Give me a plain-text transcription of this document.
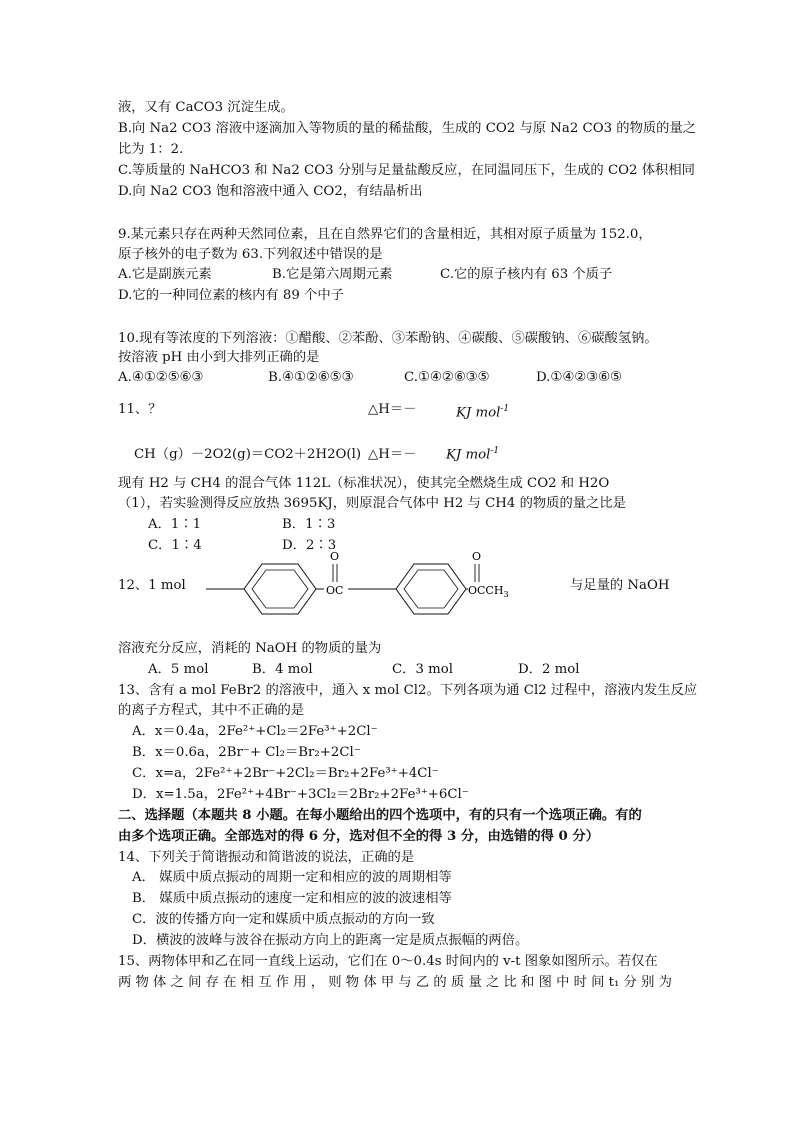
液，又有 CaCO3 沉淀生成。
B.向 Na2 CO3 溶液中逐滴加入等物质的量的稀盐酸，生成的 CO2 与原 Na2 CO3 的物质的量之
比为 1：2.
C.等质量的 NaHCO3 和 Na2 CO3 分别与足量盐酸反应，在同温同压下，生成的 CO2 体积相同
D.向 Na2 CO3 饱和溶液中通入 CO2，有结晶析出
9.某元素只存在两种天然同位素，且在自然界它们的含量相近，其相对原子质量为 152.0，
原子核外的电子数为 63.下列叙述中错误的是
A.它是副族元素	B.它是第六周期元素	C.它的原子核内有 63 个质子
D.它的一种同位素的核内有 89 个中子
10.现有等浓度的下列溶液：①醋酸、②苯酚、③苯酚钠、④碳酸、⑤碳酸钠、⑥碳酸氢钠。
按溶液 pH 由小到大排列正确的是
A.④①②⑤⑥③	B.④①②⑥⑤③	C.①④②⑥③⑤	D.①④②③⑥⑤
11、？	△H＝－	KJ mol$^{-1}$
CH（g）－2O2(g)＝CO2＋2H2O(l) △H＝－ KJ mol$^{-1}$
现有 H2 与 CH4 的混合气体 112L（标准状况），使其完全燃烧生成 CO2 和 H2O
（1），若实验测得反应放热 3695KJ，则原混合气体中 H2 与 CH4 的物质的量之比是
A．1∶1	B．1∶3
C．1∶4	D．2∶3
12、1 mol	OC
O
$OCCH_3$
O
与足量的 NaOH
溶液充分反应，消耗的 NaOH 的物质的量为
A．5 mol	B．4 mol	C．3 mol	D．2 mol
13、含有 a mol FeBr2 的溶液中，通入 x mol Cl2。下列各项为通 Cl2 过程中，溶液内发生反应
的离子方程式，其中不正确的是
A．x＝0.4a，2Fe²⁺+Cl₂＝2Fe³⁺+2Cl⁻
B．x＝0.6a，2Br⁻+ Cl₂＝Br₂+2Cl⁻
C．x=a，2Fe²⁺+2Br⁻+2Cl₂＝Br₂+2Fe³⁺+4Cl⁻
D．x=1.5a，2Fe²⁺+4Br⁻+3Cl₂＝2Br₂+2Fe³⁺+6Cl⁻
二、选择题（本题共 8 小题。在每小题给出的四个选项中，有的只有一个选项正确。有的
由多个选项正确。全部选对的得 6 分，选对但不全的得 3 分，由选错的得 0 分）
14、下列关于简谐振动和简谐波的说法，正确的是
A． 媒质中质点振动的周期一定和相应的波的周期相等
B． 媒质中质点振动的速度一定和相应的波的波速相等
C．波的传播方向一定和媒质中质点振动的方向一致
D．横波的波峰与波谷在振动方向上的距离一定是质点振幅的两倍。
15、两物体甲和乙在同一直线上运动，它们在 0～0.4s 时间内的 v-t 图象如图所示。若仅在
两 物 体 之 间 存 在 相 互 作 用 ， 则 物 体 甲 与 乙 的 质 量 之 比 和 图 中 时 间 t₁ 分 别 为
